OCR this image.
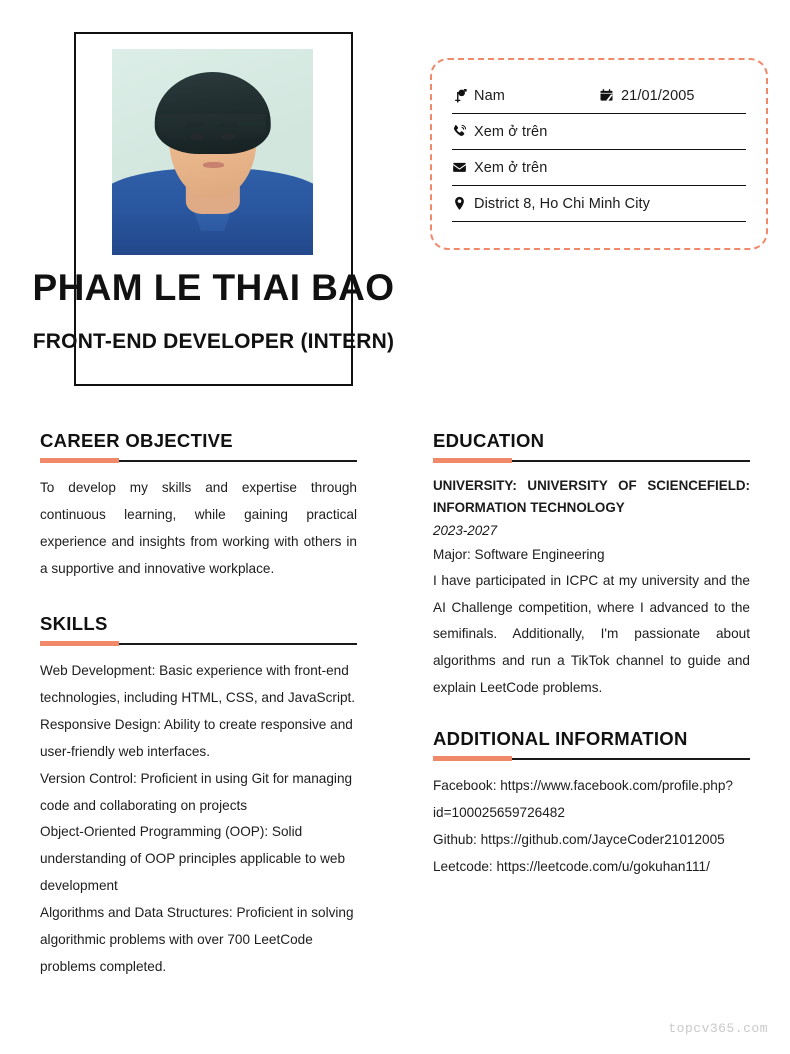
PHAM LE THAI BAO
FRONT-END DEVELOPER (INTERN)
Nam	21/01/2005
Xem ở trên
Xem ở trên
District 8, Ho Chi Minh City
CAREER OBJECTIVE
To develop my skills and expertise through continuous learning, while gaining practical experience and insights from working with others in a supportive and innovative workplace.
SKILLS
Web Development: Basic experience with front-end technologies, including HTML, CSS, and JavaScript.
Responsive Design: Ability to create responsive and user-friendly web interfaces.
Version Control: Proficient in using Git for managing code and collaborating on projects
Object-Oriented Programming (OOP): Solid understanding of OOP principles applicable to web development
Algorithms and Data Structures: Proficient in solving algorithmic problems with over 700 LeetCode problems completed.
EDUCATION
UNIVERSITY: UNIVERSITY OF SCIENCEFIELD: INFORMATION TECHNOLOGY
2023-2027
Major: Software Engineering
I have participated in ICPC at my university and the AI Challenge competition, where I advanced to the semifinals. Additionally, I'm passionate about algorithms and run a TikTok channel to guide and explain LeetCode problems.
ADDITIONAL INFORMATION
Facebook: https://www.facebook.com/profile.php?id=100025659726482
Github: https://github.com/JayceCoder21012005
Leetcode: https://leetcode.com/u/gokuhan111/
topcv365.com
